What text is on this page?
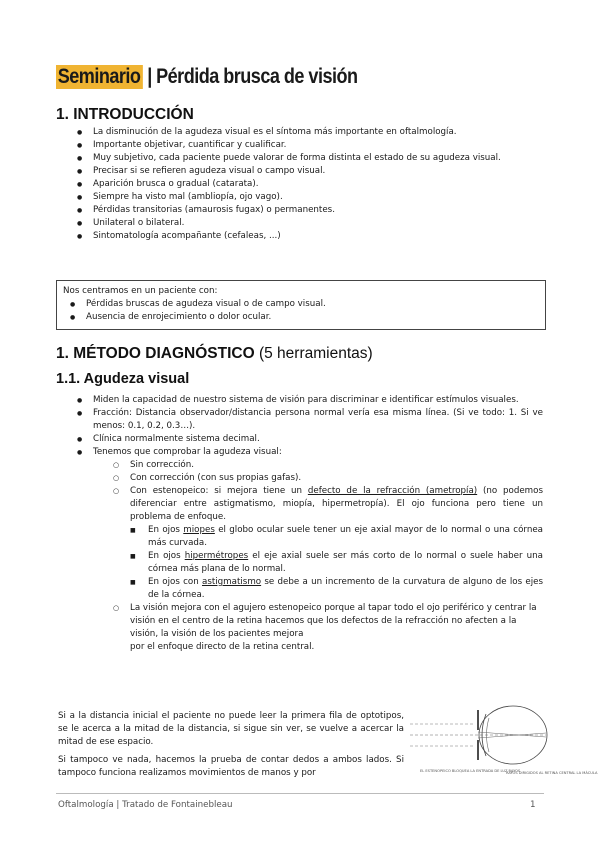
Seminario | Pérdida brusca de visión
1. INTRODUCCIÓN
● La disminución de la agudeza visual es el síntoma más importante en oftalmología.
● Importante objetivar, cuantificar y cualificar.
● Muy subjetivo, cada paciente puede valorar de forma distinta el estado de su agudeza visual.
● Precisar si se refieren agudeza visual o campo visual.
● Aparición brusca o gradual (catarata).
● Siempre ha visto mal (ambliopía, ojo vago).
● Pérdidas transitorias (amaurosis fugax) o permanentes.
● Unilateral o bilateral.
● Sintomatología acompañante (cefaleas, ...)
Nos centramos en un paciente con:
● Pérdidas bruscas de agudeza visual o de campo visual.
● Ausencia de enrojecimiento o dolor ocular.
1. MÉTODO DIAGNÓSTICO (5 herramientas)
1.1. Agudeza visual
● Miden la capacidad de nuestro sistema de visión para discriminar e identificar estímulos visuales.
● Fracción: Distancia observador/distancia persona normal vería esa misma línea. (Si ve todo: 1. Si ve menos: 0.1, 0.2, 0.3…).
● Clínica normalmente sistema decimal.
● Tenemos que comprobar la agudeza visual:
○ Sin corrección.
○ Con corrección (con sus propias gafas).
○ Con estenopeico: si mejora tiene un defecto de la refracción (ametropía) (no podemos diferenciar entre astigmatismo, miopía, hipermetropía). El ojo funciona pero tiene un problema de enfoque.
■ En ojos miopes el globo ocular suele tener un eje axial mayor de lo normal o una córnea más curvada.
■ En ojos hipermétropes el eje axial suele ser más corto de lo normal o suele haber una córnea más plana de lo normal.
■ En ojos con astigmatismo se debe a un incremento de la curvatura de alguno de los ejes de la córnea.
○ La visión mejora con el agujero estenopeico porque al tapar todo el ojo periférico y centrar la visión en el centro de la retina hacemos que los defectos de la refracción no afecten a la visión, la visión de los pacientes mejora
por el enfoque directo de la retina central.
Si a la distancia inicial el paciente no puede leer la primera fila de optotipos, se le acerca a la mitad de la distancia, si sigue sin ver, se vuelve a acercar la mitad de ese espacio.
Si tampoco ve nada, hacemos la prueba de contar dedos a ambos lados. Si tampoco funciona realizamos movimientos de manos y por	EL ESTENOPEICO BLOQUEA LA ENTRADA DE LUZ RAYOS
RAYOS DIRIGIDOS AL RETINA CENTRAL LA MÁCULA
Oftalmología | Tratado de Fontainebleau	1
